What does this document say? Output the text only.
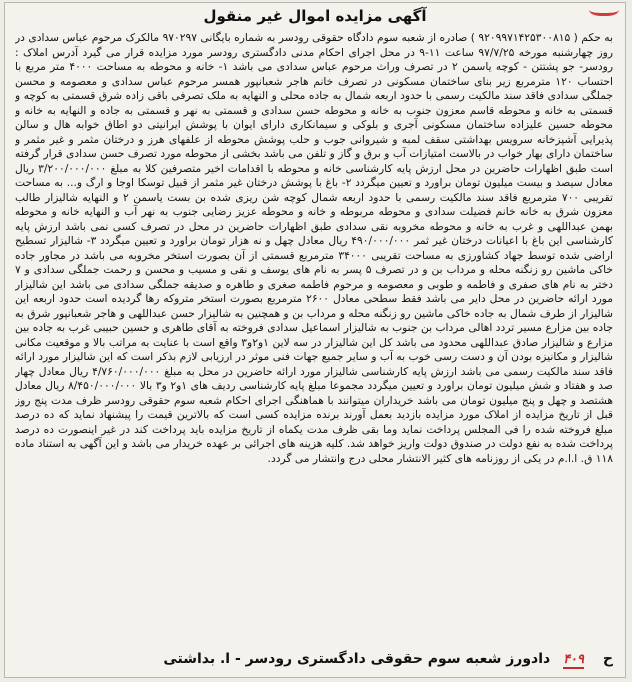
آگهی مزایده اموال غیر منقول
به حکم ( ۹۲۰۹۹۷۱۴۲۵۳۰۰۸۱۵ ) صادره از شعبه سوم دادگاه حقوقی رودسر به شماره بایگانی ۹۷۰۲۹۷ مالکرک مرحوم عباس سدادی در روز چهارشنبه مورخه ۹۷/۷/۲۵ ساعت ۱۱-۹ در محل اجرای احکام مدنی دادگستری رودسر مورد مزایده قرار می گیرد آدرس املاک : رودسر- جو پشتتن - کوچه یاسمن ۲ در تصرف وراث مرحوم عباس سدادی می باشد ۱- خانه و محوطه به مساحت ۴۰۰۰ متر مربع با احتساب ۱۲۰ مترمربع زیر بنای ساختمان مسکونی در تصرف خانم هاجر شعبانپور همسر مرحوم عباس سدادی و معصومه و محسن جملگی سدادی فاقد سند مالکیت رسمی با حدود اربعه شمال به جاده محلی و النهایه به ملک تصرفی باقی زاده شرق قسمتی به کوچه و قسمتی به خانه و محوطه قاسم معزون جنوب به خانه و محوطه حسن سدادی و قسمتی به نهر و قسمتی به جاده و النهایه به خانه و محوطه حسین علیزاده ساختمان مسکونی آجری و بلوکی و سیمانکاری دارای ایوان با پوشش ایرانیتی دو اطاق خوابه هال و سالن پذیرایی آشپزخانه سرویس بهداشتی سقف لمبه و شیروانی جوب و حلب پوشش محوطه از علفهای هرز و درختان مثمر و غیر مثمر و ساختمان دارای بهار خواب در بالاست امتیازات آب و برق و گاز و تلفن می باشد بخشی از محوطه مورد تصرف حسن سدادی قرار گرفته است طبق اظهارات حاضرین در محل ارزش پایه کارشناسی خانه و محوطه با اقدامات اخیر متصرفین کلا به مبلغ ۳/۲۰۰/۰۰۰/۰۰۰ ریال معادل سیصد و بیست میلیون تومان براورد و تعیین میگردد ۲- باغ با پوشش درختان غیر مثمر از قبیل توسکا اوجا و ارگ و... به مساحت تقریبی ۷۰۰ مترمربع فاقد سند مالکیت رسمی با حدود اربعه شمال کوچه شن ریزی شده بن بست یاسمن ۲ و النهایه شالیزار طالب معزون شرق به خانه خانم فضیلت سدادی و محوطه مربوطه و خانه و محوطه عزیز رضایی جنوب به نهر آب و النهایه خانه و محوطه بهمن عبداللهی و غرب به خانه و محوطه مخروبه نقی سدادی طبق اظهارات حاضرین در محل در تصرف کسی نمی باشد ارزش پایه کارشناسی این باغ با اعیانات درختان غیر ثمر ۴۹۰/۰۰۰/۰۰۰ ریال معادل چهل و نه هزار تومان براورد و تعیین میگردد ۳- شالیزار تسطیح اراضی شده توسط جهاد کشاورزی به مساحت تقریبی ۳۴۰۰۰ مترمربع قسمتی از آن بصورت استخر مخروبه می باشد در مجاور جاده خاکی ماشین رو زنگنه محله و مرداب بن و در تصرف ۵ پسر به نام های یوسف و نقی و مسیب و محسن و رحمت جملگی سدادی و ۷ دختر به نام های صفری و فاطمه و طوبی و معصومه و مرحوم فاطمه صغری و طاهره و صدیقه جملگی سدادی می باشد این شالیزار مورد ارائه حاضرین در محل دایر می باشد فقط سطحی معادل ۲۶۰۰ مترمربع بصورت استخر متروکه رها گردیده است حدود اربعه این شالیزار از طرف شمال به جاده خاکی ماشین رو زنگنه محله و مرداب بن و همچنین به شالیزار حسن عبداللهی و هاجر شعبانپور شرق به جاده بین مزارع مسیر تردد اهالی مرداب بن جنوب به شالیزار اسماعیل سدادی فروخته به آقای طاهری و حسین حبیبی غرب به جاده بین مزارع و شالیزار صادق عبداللهی محدود می باشد کل این شالیزار در سه لاین ۱و۲و۳ واقع است با عنایت به مراتب بالا و موقعیت مکانی شالیزار و مکانیزه بودن آن و دست رسی خوب به آب و سایر جمیع جهات فنی موثر در ارزیابی لازم بذکر است که این شالیزار مورد ارائه فاقد سند مالکیت رسمی می باشد ارزش پایه کارشناسی شالیزار مورد ارائه حاضرین در محل به مبلغ ۴/۷۶۰/۰۰۰/۰۰۰ ریال معادل چهار صد و هفتاد و شش میلیون تومان براورد و تعیین میگردد مجموعا مبلغ پایه کارشناسی ردیف های ۱و۲ و۳ بالا ۸/۴۵۰/۰۰۰/۰۰۰ ریال معادل هشتصد و چهل و پنج میلیون تومان می باشد خریداران میتوانند با هماهنگی اجرای احکام شعبه سوم حقوقی رودسر ظرف مدت پنج روز قبل از تاریخ مزایده از املاک مورد مزایده بازدید بعمل آورند برنده مزایده کسی است که بالاترین قیمت را پیشنهاد نماید که ده درصد مبلغ فروخته شده را فی المجلس پرداخت نماید وما بقی ظرف مدت یکماه از تاریخ مزایده باید پرداخت کند در غیر اینصورت ده درصد پرداخت شده به نفع دولت در صندوق دولت واریز خواهد شد. کلیه هزینه های اجرائی بر عهده خریدار می باشد و این آگهی به استناد ماده ۱۱۸ ق. ا.ا.م در یکی از روزنامه های کثیر الانتشار محلی درج وانتشار می گردد.
ح ۴۰۹ دادورز شعبه سوم حقوقی دادگستری رودسر - ا. بداشتی
